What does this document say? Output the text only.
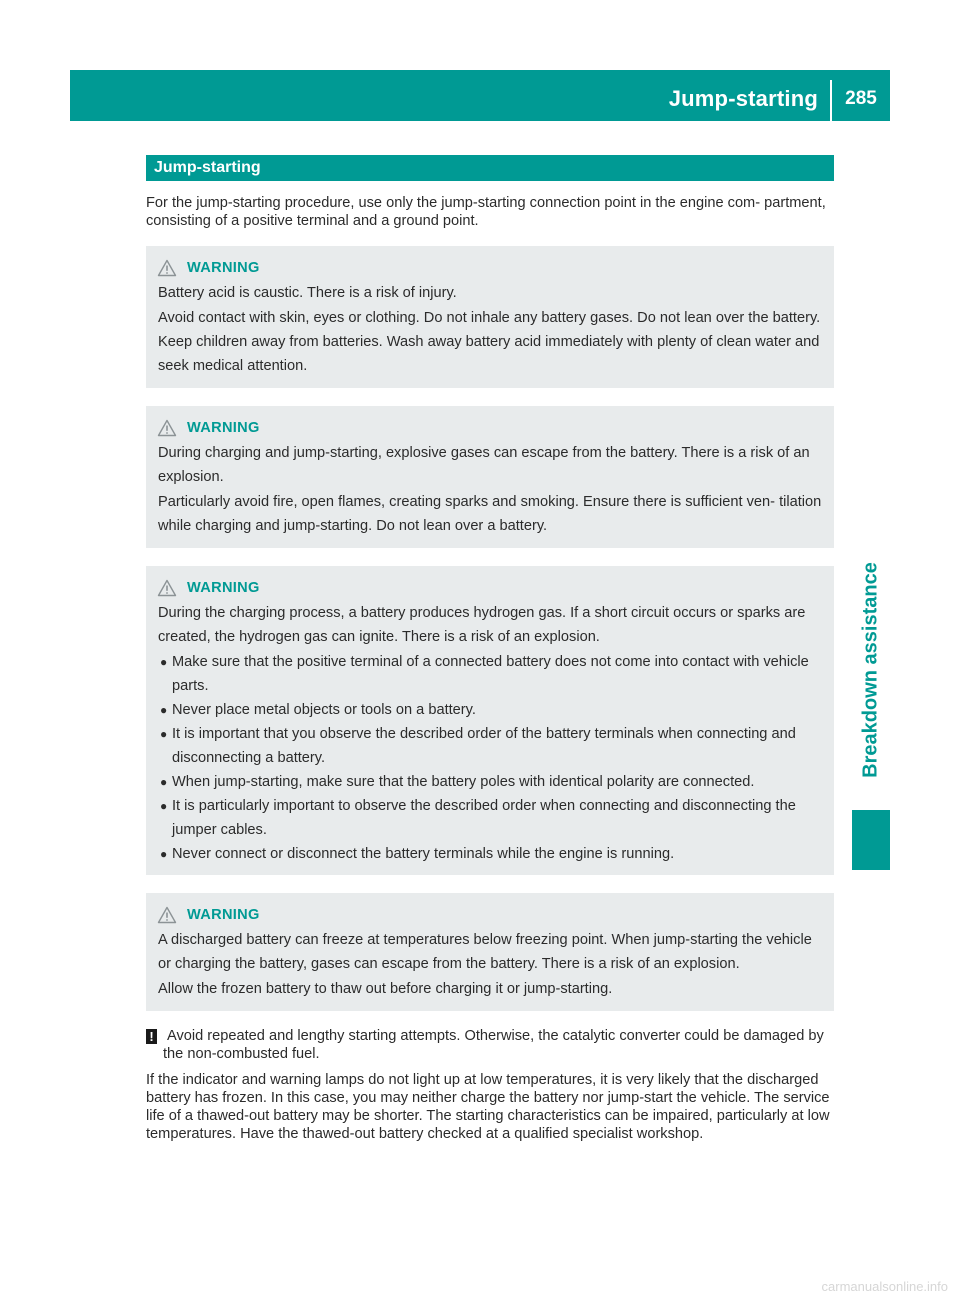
Jump-starting	285
Breakdown assistance
Jump-starting

For the jump-starting procedure, use only the jump-starting connection point in the engine com- partment, consisting of a positive terminal and a ground point.

WARNING

Battery acid is caustic. There is a risk of injury.

Avoid contact with skin, eyes or clothing. Do not inhale any battery gases. Do not lean over the battery. Keep children away from batteries. Wash away battery acid immediately with plenty of clean water and seek medical attention.

WARNING

During charging and jump-starting, explosive gases can escape from the battery. There is a risk of an explosion.

Particularly avoid fire, open flames, creating sparks and smoking. Ensure there is sufficient ven- tilation while charging and jump-starting. Do not lean over a battery.

WARNING

During the charging process, a battery produces hydrogen gas. If a short circuit occurs or sparks are created, the hydrogen gas can ignite. There is a risk of an explosion.

● Make sure that the positive terminal of a connected battery does not come into contact with vehicle parts.
● Never place metal objects or tools on a battery.
● It is important that you observe the described order of the battery terminals when connecting and disconnecting a battery.
● When jump-starting, make sure that the battery poles with identical polarity are connected.
● It is particularly important to observe the described order when connecting and disconnecting the jumper cables.
● Never connect or disconnect the battery terminals while the engine is running.
WARNING

A discharged battery can freeze at temperatures below freezing point. When jump-starting the vehicle or charging the battery, gases can escape from the battery. There is a risk of an explosion.

Allow the frozen battery to thaw out before charging it or jump-starting.

! Avoid repeated and lengthy starting attempts. Otherwise, the catalytic converter could be damaged by the non-combusted fuel.

If the indicator and warning lamps do not light up at low temperatures, it is very likely that the discharged battery has frozen. In this case, you may neither charge the battery nor jump-start the vehicle. The service life of a thawed-out battery may be shorter. The starting characteristics can be impaired, particularly at low temperatures. Have the thawed-out battery checked at a qualified specialist workshop.

carmanualsonline.info
